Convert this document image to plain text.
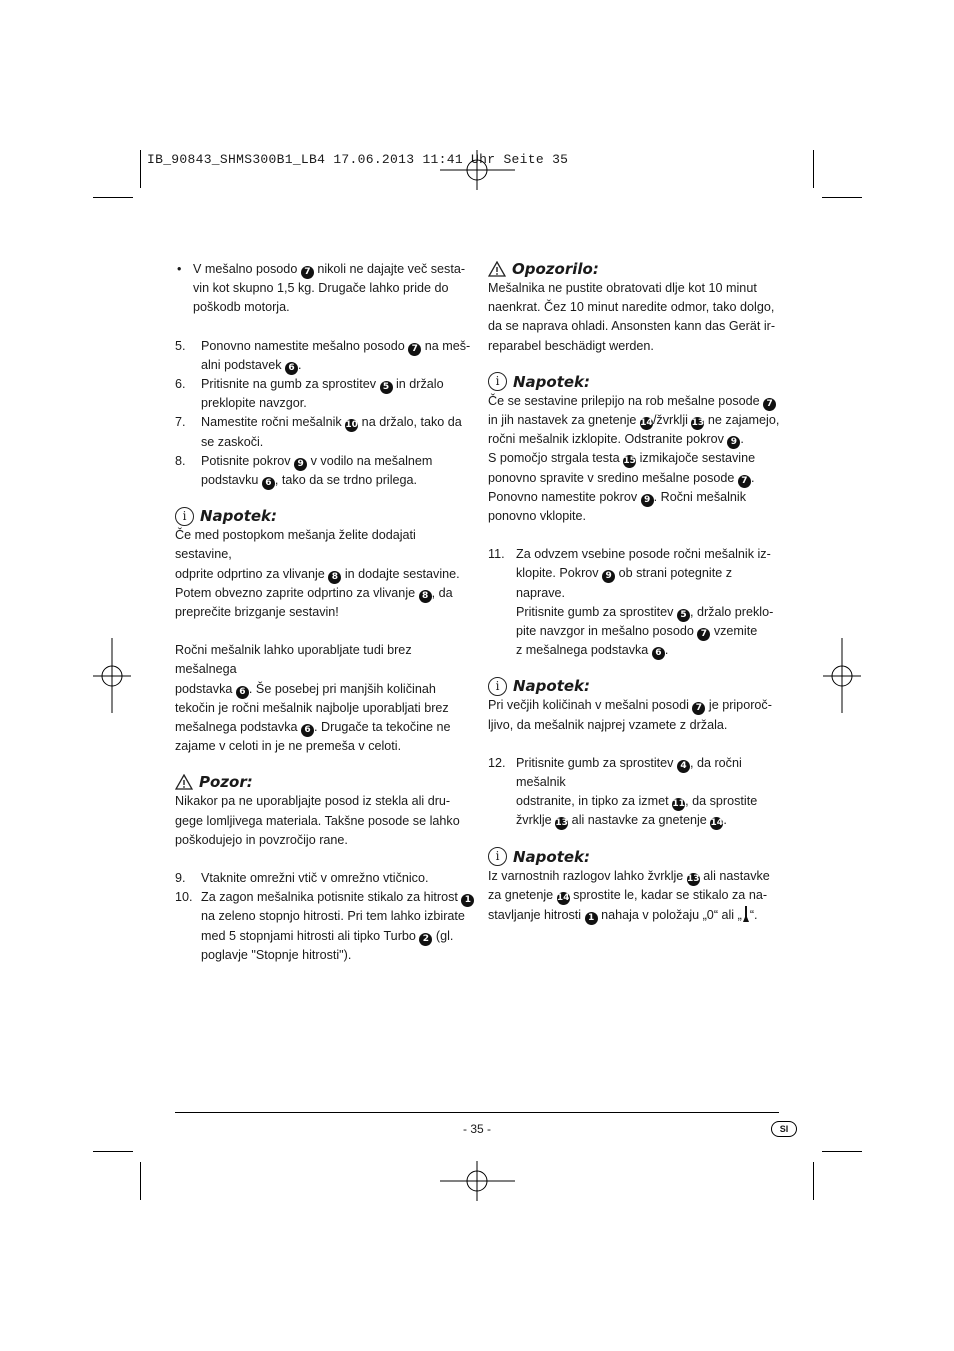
IB_90843_SHMS300B1_LB4 17.06.2013 11:41 Uhr Seite 35
• V mešalno posodo 7 nikoli ne dajajte več sesta-

vin kot skupno 1,5 kg. Drugače lahko pride do

poškodb motorja.

5. Ponovno namestite mešalno posodo 7 na meš-

alni podstavek 6 .

6. Pritisnite na gumb za sprostitev 5 in držalo

preklopite navzgor.

7. Namestite ročni mešalnik 10 na držalo, tako da

se zaskoči.

8. Potisnite pokrov 9 v vodilo na mešalnem

podstavku 6 , tako da se trdno prilega.

i Napotek:

Če med postopkom mešanja želite dodajati sestavine,

odprite odprtino za vlivanje 8 in dodajte sestavine.

Potem obvezno zaprite odprtino za vlivanje 8 , da

preprečite brizganje sestavin!

Ročni mešalnik lahko uporabljate tudi brez mešalnega

podstavka 6 . Še posebej pri manjših količinah

tekočin je ročni mešalnik najbolje uporabljati brez

mešalnega podstavka 6 . Drugače ta tekočine ne

zajame v celoti in je ne premeša v celoti.

Pozor:

Nikakor pa ne uporabljajte posod iz stekla ali dru-

gege lomljivega materiala. Takšne posode se lahko

poškodujejo in povzročijo rane.

9. Vtaknite omrežni vtič v omrežno vtičnico.

10. Za zagon mešalnika potisnite stikalo za hitrost 1

na zeleno stopnjo hitrosti. Pri tem lahko izbirate

med 5 stopnjami hitrosti ali tipko Turbo 2 (gl.

poglavje "Stopnje hitrosti").

Opozorilo:

Mešalnika ne pustite obratovati dlje kot 10 minut

naenkrat. Čez 10 minut naredite odmor, tako dolgo,

da se naprava ohladi. Ansonsten kann das Gerät ir-

reparabel beschädigt werden.

i Napotek:

Če se sestavine prilepijo na rob mešalne posode 7

in jih nastavek za gnetenje 14/žvrklji 13 ne zajamejo,

ročni mešalnik izklopite. Odstranite pokrov 9 .

S pomočjo strgala testa 15 izmikajoče sestavine

ponovno spravite v sredino mešalne posode 7 .

Ponovno namestite pokrov 9 . Ročni mešalnik

ponovno vklopite.

11. Za odvzem vsebine posode ročni mešalnik iz-

klopite. Pokrov 9 ob strani potegnite z naprave.

Pritisnite gumb za sprostitev 5 , držalo preklo-

pite navzgor in mešalno posodo 7 vzemite

z mešalnega podstavka 6 .

i Napotek:

Pri večjih količinah v mešalni posodi 7 je priporoč-

ljivo, da mešalnik najprej vzamete z držala.

12. Pritisnite gumb za sprostitev 4 , da ročni mešalnik

odstranite, in tipko za izmet 11, da sprostite

žvrklje 13 ali nastavke za gnetenje 14.

i Napotek:

Iz varnostnih razlogov lahko žvrklje 13 ali nastavke

za gnetenje 14 sprostite le, kadar se stikalo za na-

stavljanje hitrosti 1 nahaja v položaju „0“ ali „ “.

- 35 -	SI
